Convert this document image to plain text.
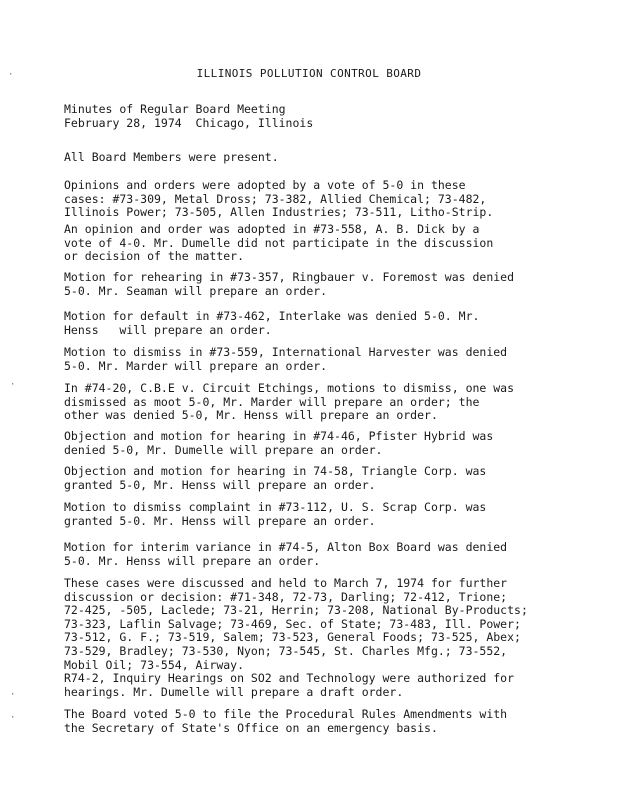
·
·
·
·
ILLINOIS POLLUTION CONTROL BOARD
Minutes of Regular Board Meeting
February 28, 1974  Chicago, Illinois
All Board Members were present.
Opinions and orders were adopted by a vote of 5-0 in these
cases: #73-309, Metal Dross; 73-382, Allied Chemical; 73-482,
Illinois Power; 73-505, Allen Industries; 73-511, Litho-Strip.
An opinion and order was adopted in #73-558, A. B. Dick by a
vote of 4-0. Mr. Dumelle did not participate in the discussion
or decision of the matter.
Motion for rehearing in #73-357, Ringbauer v. Foremost was denied
5-0. Mr. Seaman will prepare an order.
Motion for default in #73-462, Interlake was denied 5-0. Mr.
Henss   will prepare an order.
Motion to dismiss in #73-559, International Harvester was denied
5-0. Mr. Marder will prepare an order.
In #74-20, C.B.E v. Circuit Etchings, motions to dismiss, one was
dismissed as moot 5-0, Mr. Marder will prepare an order; the
other was denied 5-0, Mr. Henss will prepare an order.
Objection and motion for hearing in #74-46, Pfister Hybrid was
denied 5-0, Mr. Dumelle will prepare an order.
Objection and motion for hearing in 74-58, Triangle Corp. was
granted 5-0, Mr. Henss will prepare an order.
Motion to dismiss complaint in #73-112, U. S. Scrap Corp. was
granted 5-0. Mr. Henss will prepare an order.
Motion for interim variance in #74-5, Alton Box Board was denied
5-0. Mr. Henss will prepare an order.
These cases were discussed and held to March 7, 1974 for further
discussion or decision: #71-348, 72-73, Darling; 72-412, Trione;
72-425, -505, Laclede; 73-21, Herrin; 73-208, National By-Products;
73-323, Laflin Salvage; 73-469, Sec. of State; 73-483, Ill. Power;
73-512, G. F.; 73-519, Salem; 73-523, General Foods; 73-525, Abex;
73-529, Bradley; 73-530, Nyon; 73-545, St. Charles Mfg.; 73-552,
Mobil Oil; 73-554, Airway.
R74-2, Inquiry Hearings on SO2 and Technology were authorized for
hearings. Mr. Dumelle will prepare a draft order.
The Board voted 5-0 to file the Procedural Rules Amendments with
the Secretary of State's Office on an emergency basis.
